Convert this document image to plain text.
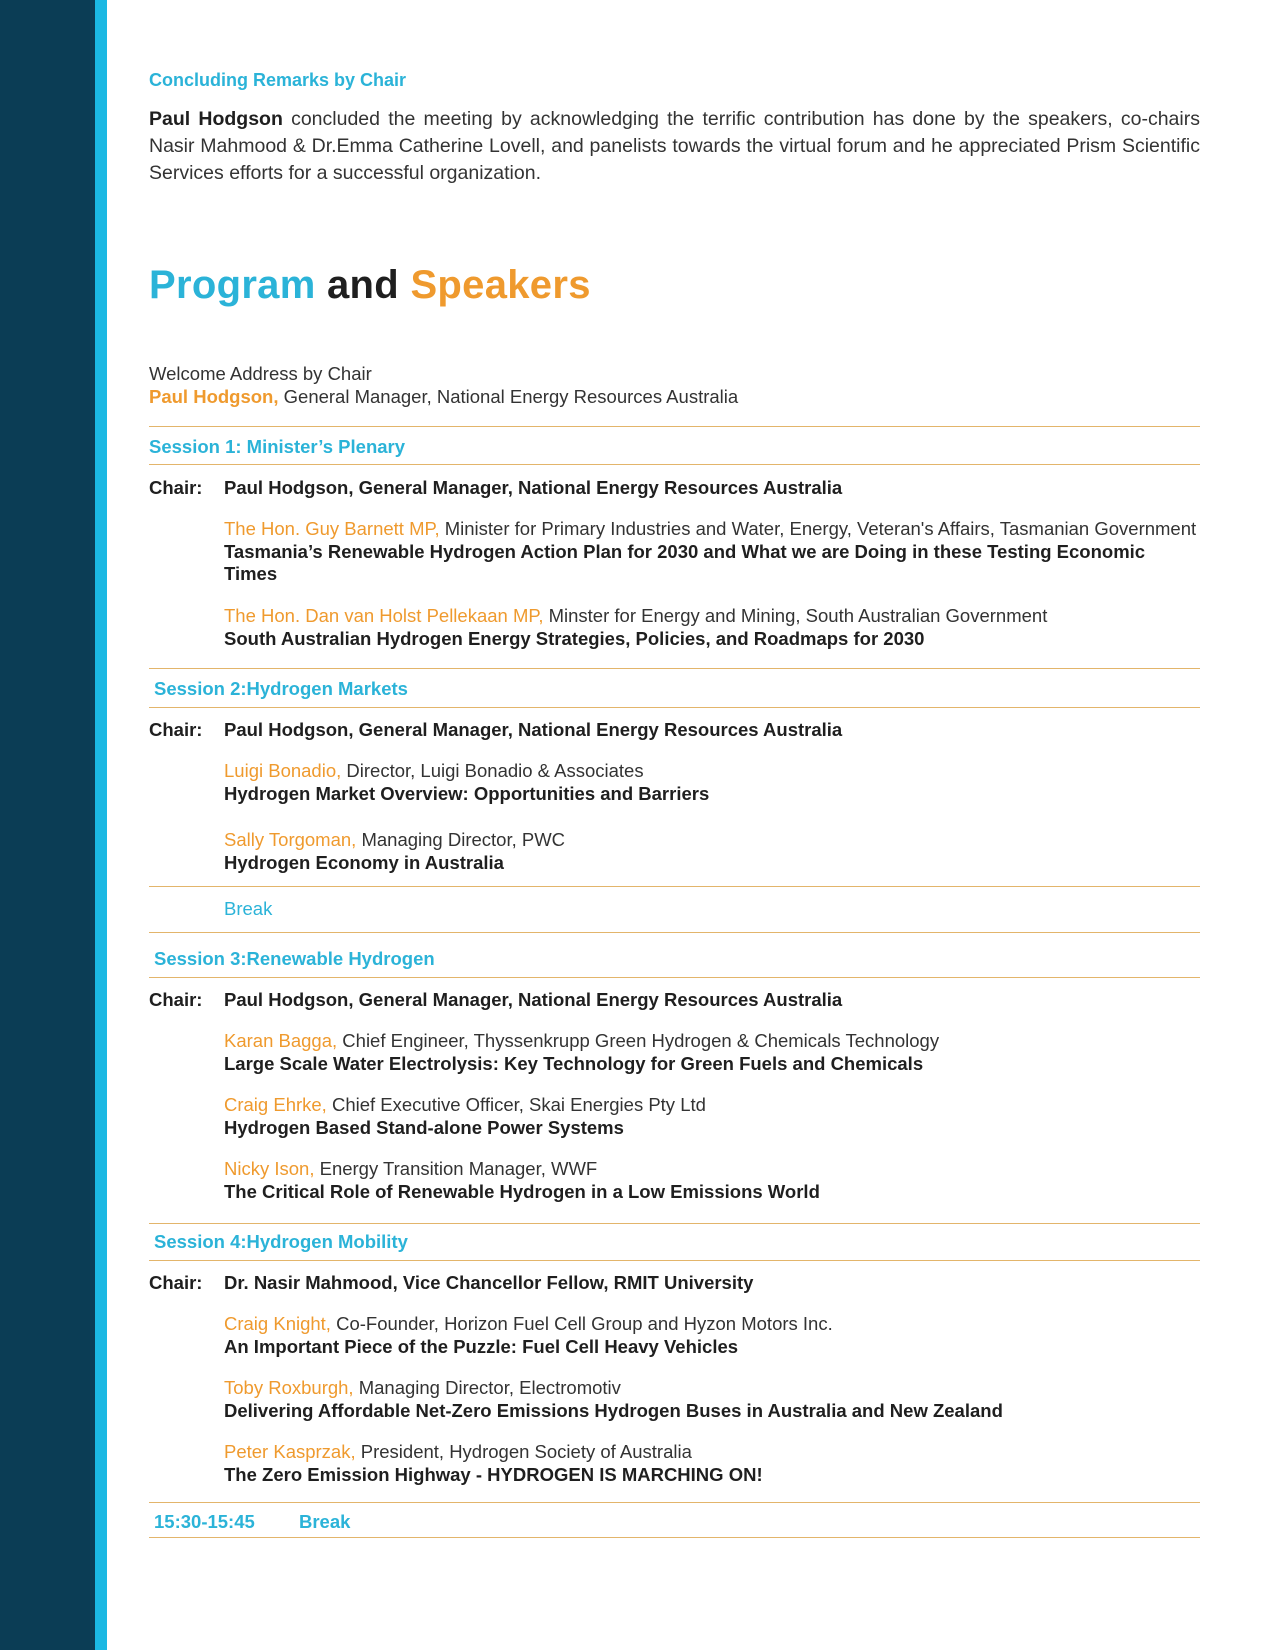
Concluding Remarks by Chair
Paul Hodgson concluded the meeting by acknowledging the terrific contribution has done by the speakers, co-chairs Nasir Mahmood & Dr.Emma Catherine Lovell, and panelists towards the virtual forum and he appreciated Prism Scientific Services efforts for a successful organization.
Program and Speakers
Welcome Address by Chair
Paul Hodgson, General Manager, National Energy Resources Australia
Session 1: Minister’s Plenary
Chair: Paul Hodgson, General Manager, National Energy Resources Australia
The Hon. Guy Barnett MP, Minister for Primary Industries and Water, Energy, Veteran's Affairs, Tasmanian Government
Tasmania’s Renewable Hydrogen Action Plan for 2030 and What we are Doing in these Testing Economic Times
The Hon. Dan van Holst Pellekaan MP, Minster for Energy and Mining, South Australian Government
South Australian Hydrogen Energy Strategies, Policies, and Roadmaps for 2030
Session 2:Hydrogen Markets
Chair: Paul Hodgson, General Manager, National Energy Resources Australia
Luigi Bonadio, Director, Luigi Bonadio & Associates
Hydrogen Market Overview: Opportunities and Barriers
Sally Torgoman, Managing Director, PWC
Hydrogen Economy in Australia
Break
Session 3:Renewable Hydrogen
Chair: Paul Hodgson, General Manager, National Energy Resources Australia
Karan Bagga, Chief Engineer, Thyssenkrupp Green Hydrogen & Chemicals Technology
Large Scale Water Electrolysis: Key Technology for Green Fuels and Chemicals
Craig Ehrke, Chief Executive Officer, Skai Energies Pty Ltd
Hydrogen Based Stand-alone Power Systems
Nicky Ison, Energy Transition Manager, WWF
The Critical Role of Renewable Hydrogen in a Low Emissions World
Session 4:Hydrogen Mobility
Chair: Dr. Nasir Mahmood, Vice Chancellor Fellow, RMIT University
Craig Knight, Co-Founder, Horizon Fuel Cell Group and Hyzon Motors Inc.
An Important Piece of the Puzzle: Fuel Cell Heavy Vehicles
Toby Roxburgh, Managing Director, Electromotiv
Delivering Affordable Net-Zero Emissions Hydrogen Buses in Australia and New Zealand
Peter Kasprzak, President, Hydrogen Society of Australia
The Zero Emission Highway - HYDROGEN IS MARCHING ON!
15:30-15:45 Break
